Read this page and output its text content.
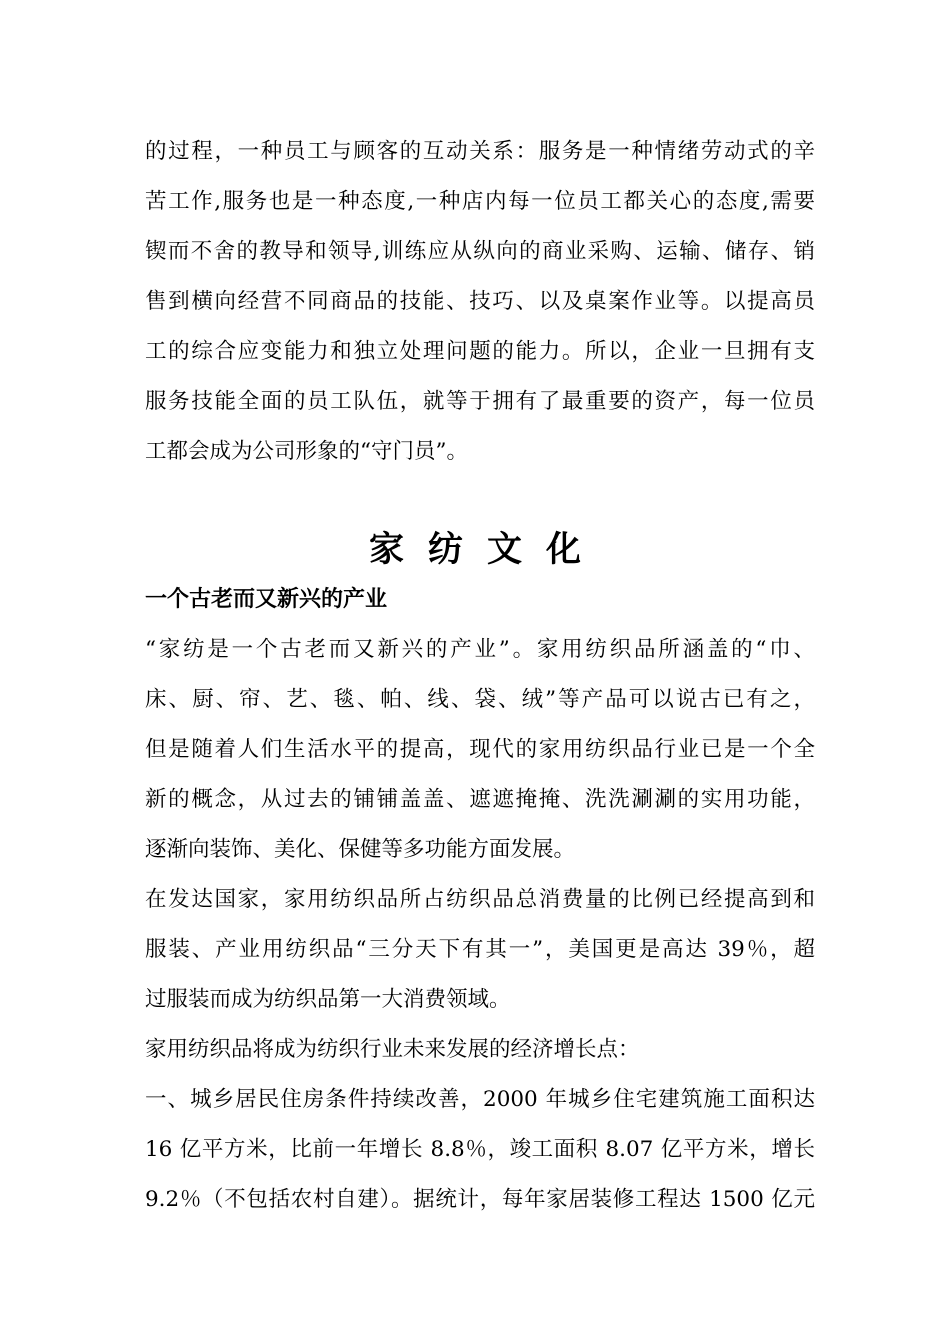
的过程，一种员工与顾客的互动关系：服务是一种情绪劳动式的辛
苦工作,服务也是一种态度,一种店内每一位员工都关心的态度,需要
锲而不舍的教导和领导,训练应从纵向的商业采购、运输、储存、销
售到横向经营不同商品的技能、技巧、以及桌案作业等。以提高员
工的综合应变能力和独立处理问题的能力。所以，企业一旦拥有支
服务技能全面的员工队伍，就等于拥有了最重要的资产，每一位员
工都会成为公司形象的“守门员”。
家纺文化
一个古老而又新兴的产业
“家纺是一个古老而又新兴的产业”。家用纺织品所涵盖的“巾、
床、厨、帘、艺、毯、帕、线、袋、绒”等产品可以说古已有之，
但是随着人们生活水平的提高，现代的家用纺织品行业已是一个全
新的概念，从过去的铺铺盖盖、遮遮掩掩、洗洗涮涮的实用功能，
逐渐向装饰、美化、保健等多功能方面发展。
在发达国家，家用纺织品所占纺织品总消费量的比例已经提高到和
服装、产业用纺织品“三分天下有其一”，美国更是高达 39％，超
过服装而成为纺织品第一大消费领域。
家用纺织品将成为纺织行业未来发展的经济增长点：
一、城乡居民住房条件持续改善，2000 年城乡住宅建筑施工面积达
16 亿平方米，比前一年增长 8.8％，竣工面积 8.07 亿平方米，增长
9.2％（不包括农村自建）。据统计，每年家居装修工程达 1500 亿元
